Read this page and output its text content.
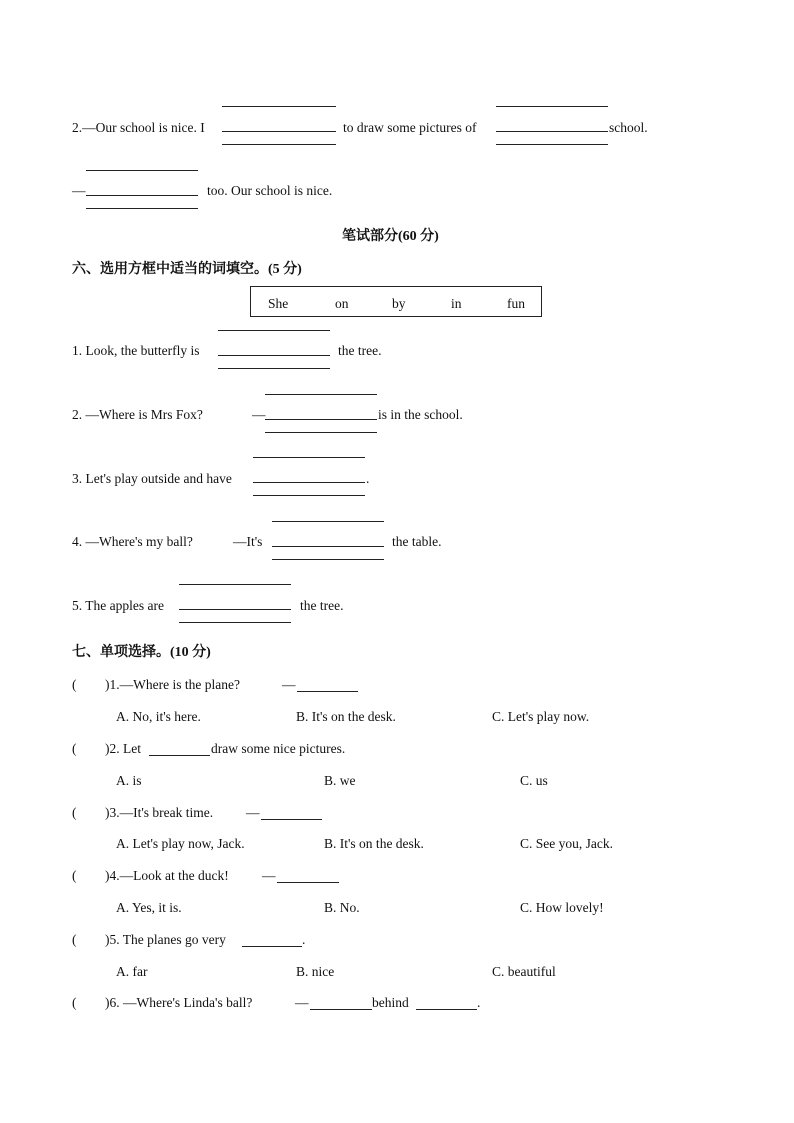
2.—Our school is nice. I	to draw some pictures of	school.
—	too. Our school is nice.
笔试部分(60 分)
六、选用方框中适当的词填空。(5 分)
She	on	by	in	fun
1. Look, the butterfly is	the tree.
2. —Where is Mrs Fox?	—	is in the school.
3. Let's play outside and have	.
4. —Where's my ball?	—It's	the table.
5. The apples are	the tree.
七、单项选择。(10 分)
( )1.—Where is the plane?	—
A. No, it's here.	B. It's on the desk.	C. Let's play now.
( )2. Let	draw some nice pictures.
A. is	B. we	C. us
( )3.—It's break time. —
A. Let's play now, Jack.	B. It's on the desk.	C. See you, Jack.
( )4.—Look at the duck! —
A. Yes, it is.	B. No.	C. How lovely!
( )5. The planes go very	.
A. far	B. nice	C. beautiful
( )6. —Where's Linda's ball?	—	behind	.
